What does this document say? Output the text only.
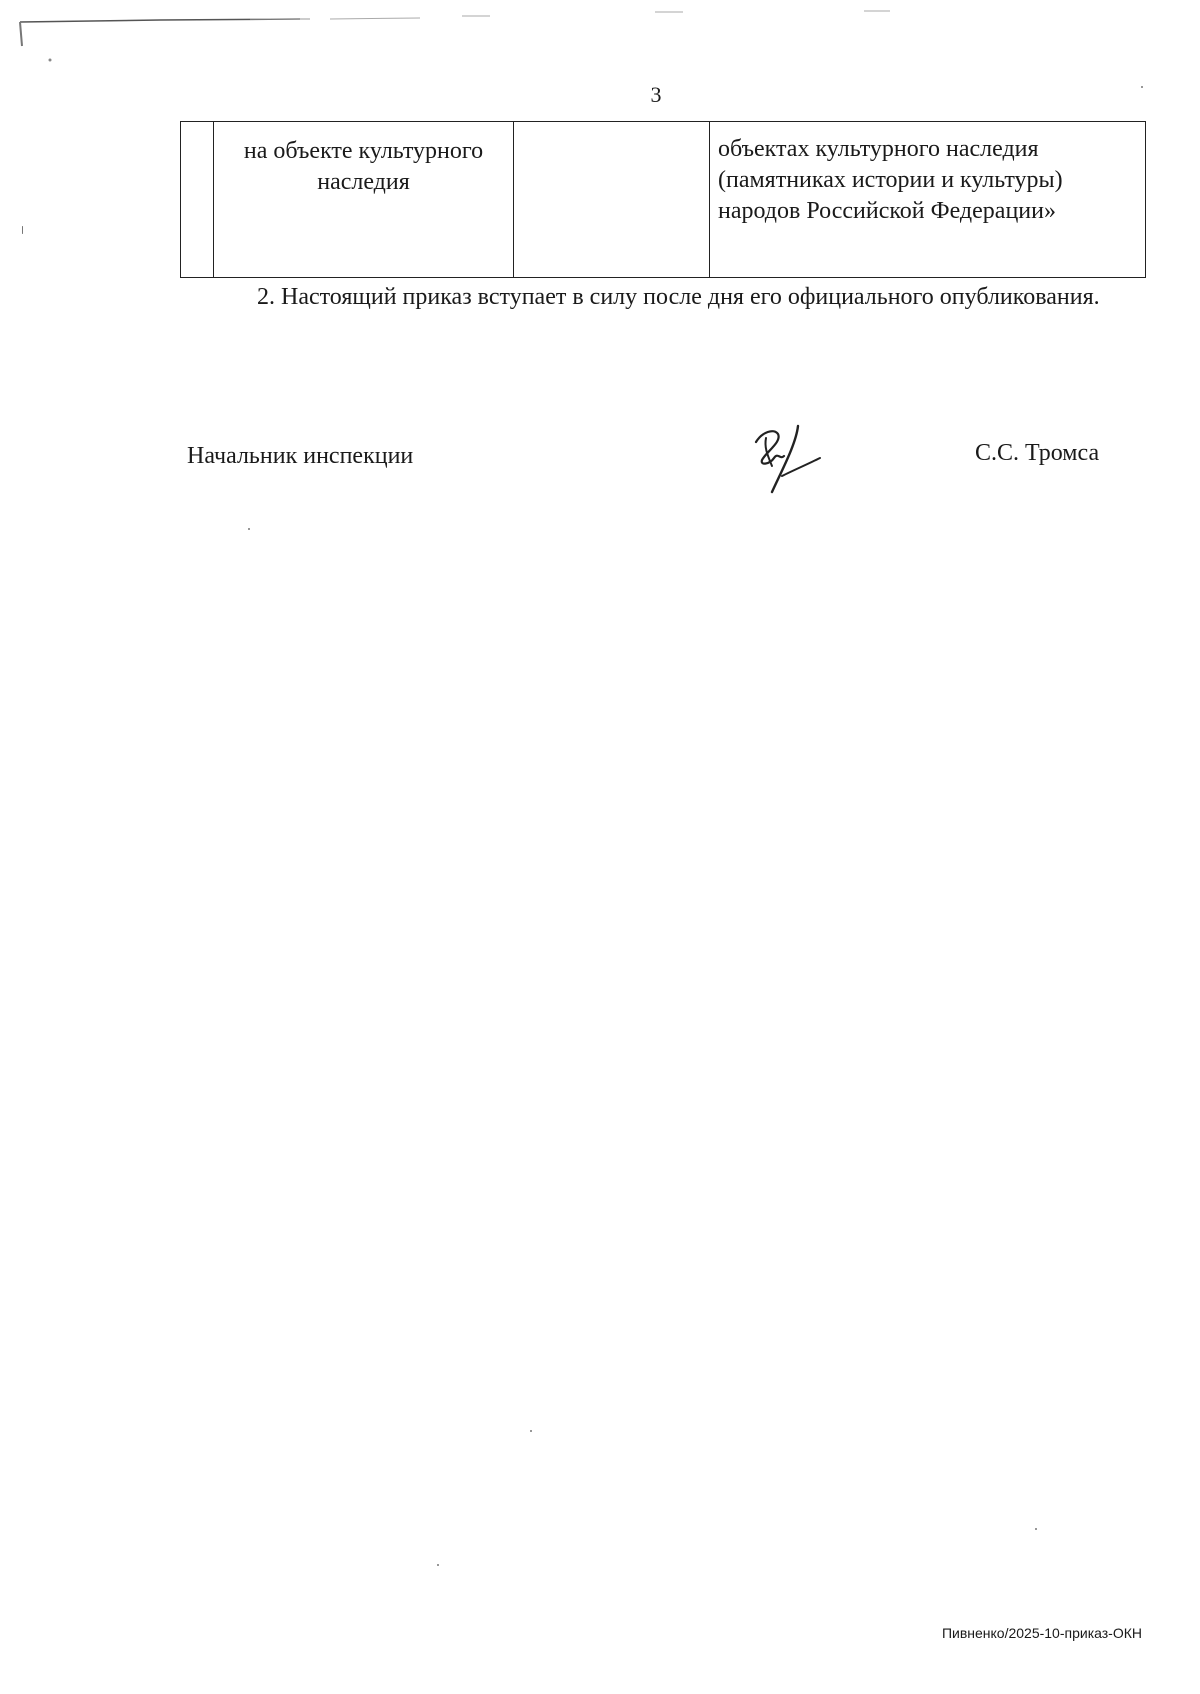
3
	на объекте культурного наследия		объектах культурного наследия (памятниках истории и культуры) народов Российской Федерации»

2. Настоящий приказ вступает в силу после дня его официального опубликования.

Начальник инспекции	С.С. Тромса
Пивненко/2025-10-приказ-ОКН
